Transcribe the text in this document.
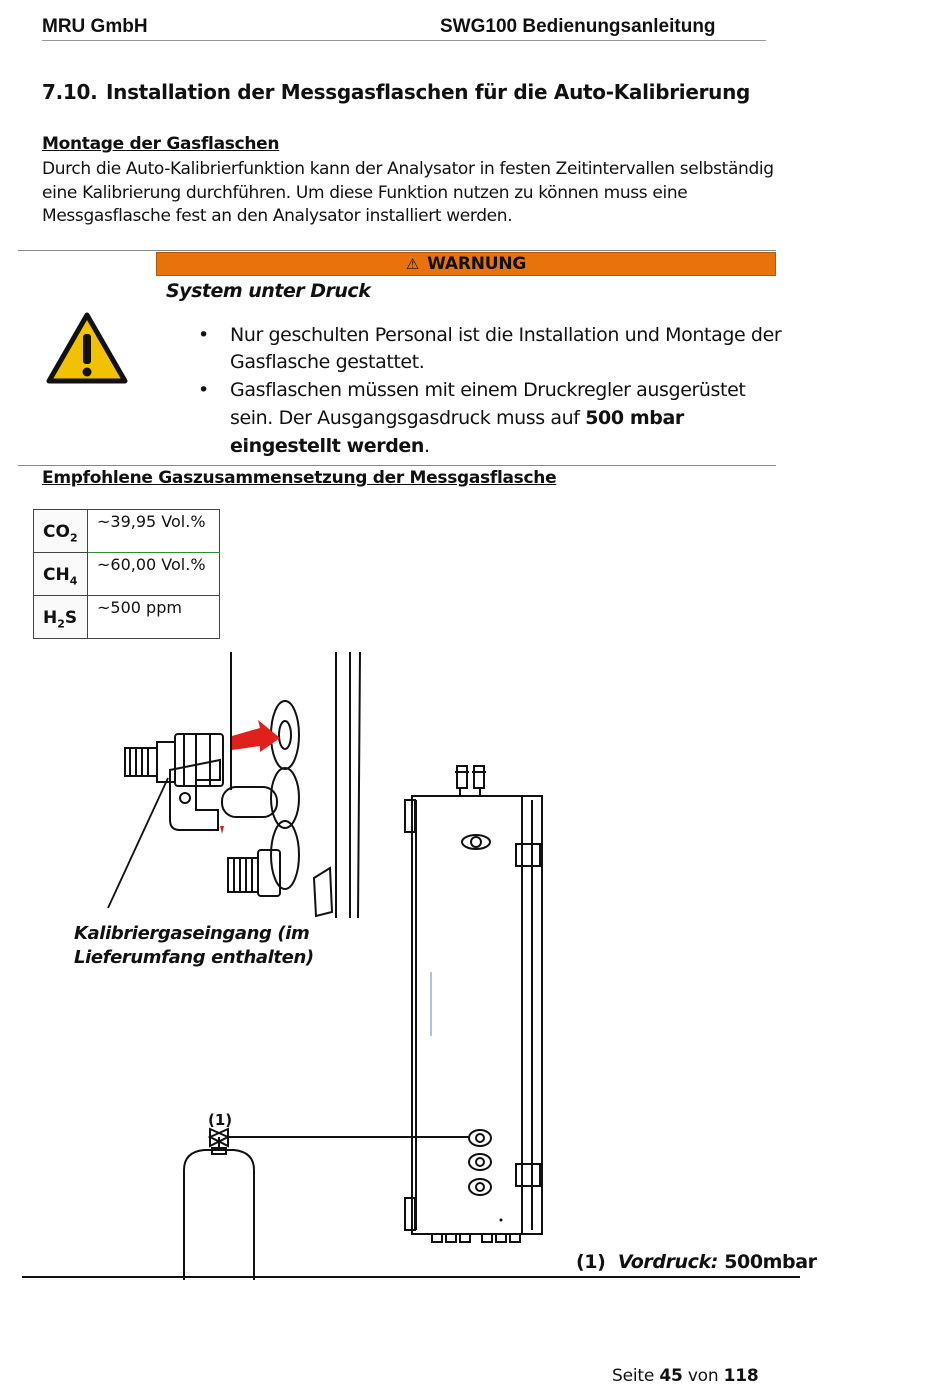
MRU GmbH	SWG100 Bedienungsanleitung
7.10. Installation der Messgasflaschen für die Auto-Kalibrierung
Montage der Gasflaschen
Durch die Auto-Kalibrierfunktion kann der Analysator in festen Zeitintervallen selbständig eine Kalibrierung durchführen. Um diese Funktion nutzen zu können muss eine Messgasflasche fest an den Analysator installiert werden.
⚠ WARNUNG
System unter Druck
• Nur geschulten Personal ist die Installation und Montage der Gasflasche gestattet.
• Gasflaschen müssen mit einem Druckregler ausgerüstet sein. Der Ausgangsgasdruck muss auf 500 mbar eingestellt werden.
Empfohlene Gaszusammensetzung der Messgasflasche
$CO_2$	~39,95 Vol.%
$CH_4$	~60,00 Vol.%
$H_2S$	~500 ppm
Kalibriergaseingang (im
Lieferumfang enthalten)
(1)
(1) Vordruck: 500mbar
Seite 45 von 118
